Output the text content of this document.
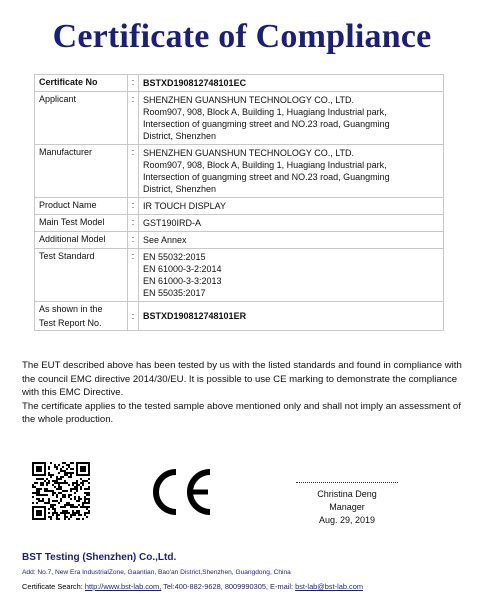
Certificate of Compliance
Certificate No	:	BSTXD190812748101EC
Applicant	:	SHENZHEN GUANSHUN TECHNOLOGY CO., LTD.
Room907, 908, Block A, Building 1, Huagiang Industrial park,
Intersection of guangming street and NO.23 road, Guangming
District, Shenzhen

Manufacturer	:	SHENZHEN GUANSHUN TECHNOLOGY CO., LTD.
Room907, 908, Block A, Building 1, Huagiang Industrial park,
Intersection of guangming street and NO.23 road, Guangming
District, Shenzhen

Product Name	:	IR TOUCH DISPLAY
Main Test Model	:	GST190IRD-A
Additional Model	:	See Annex
Test Standard	:	EN 55032:2015
EN 61000-3-2:2014
EN 61000-3-3:2013
EN 55035:2017

As shown in the
Test Report No.	:	BSTXD190812748101ER

The EUT described above has been tested by us with the listed standards and found in compliance with the council EMC directive 2014/30/EU. It is possible to use CE marking to demonstrate the compliance with this EMC Directive.

The certificate applies to the tested sample above mentioned only and shall not imply an assessment of the whole production.

Christina Deng
Manager
Aug. 29, 2019
BST Testing (Shenzhen) Co.,Ltd.
Add: No.7, New Era IndustrialZone, Gaantian, Bao'an District,Shenzhen, Guangdong, China
Certificate Search: http://www.bst-lab.com, Tel:400-882-9628, 8009990305, E-mail: bst-lab@bst-lab.com
